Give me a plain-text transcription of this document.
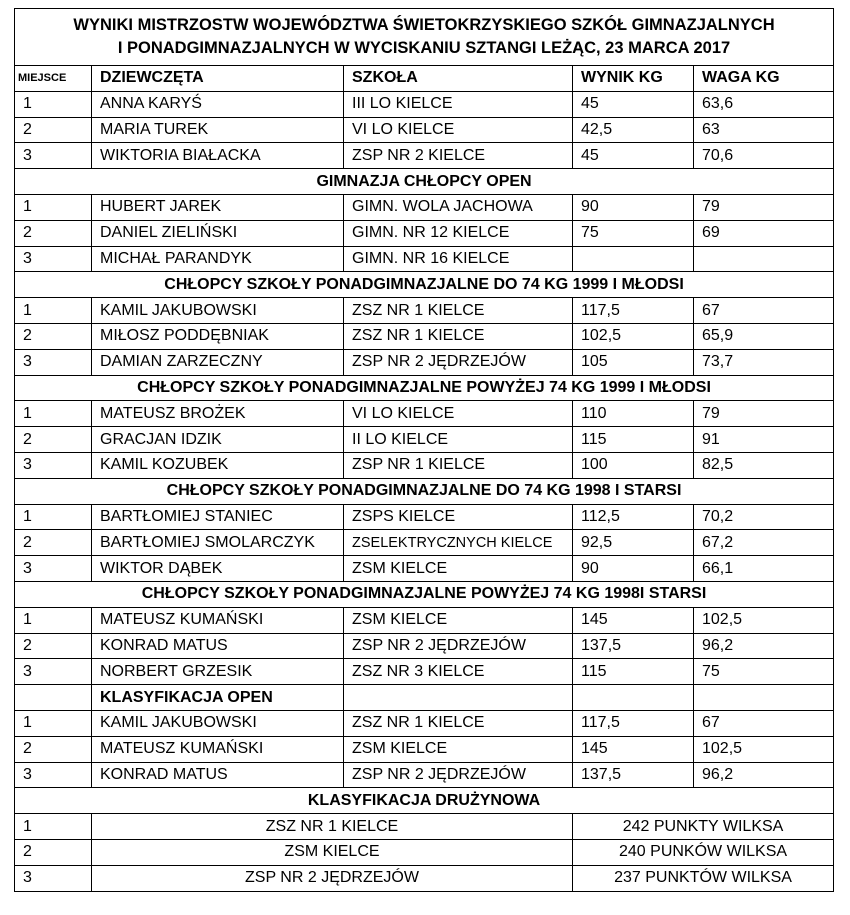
WYNIKI MISTRZOSTW WOJEWÓDZTWA ŚWIETOKRZYSKIEGO SZKÓŁ GIMNAZJALNYCH
I PONADGIMNAZJALNYCH W WYCISKANIU SZTANGI LEŻĄC, 23 MARCA 2017				

MIEJSCE	DZIEWCZĘTA	SZKOŁA	WYNIK KG	WAGA KG
1	ANNA KARYŚ	III LO KIELCE	45	63,6
2	MARIA TUREK	VI LO KIELCE	42,5	63
3	WIKTORIA BIAŁACKA	ZSP NR 2 KIELCE	45	70,6
GIMNAZJA CHŁOPCY OPEN				
1	HUBERT JAREK	GIMN. WOLA JACHOWA	90	79
2	DANIEL ZIELIŃSKI	GIMN. NR 12 KIELCE	75	69
3	MICHAŁ PARANDYK	GIMN. NR 16 KIELCE		
CHŁOPCY SZKOŁY PONADGIMNAZJALNE DO 74 KG 1999 I MŁODSI				
1	KAMIL JAKUBOWSKI	ZSZ NR 1 KIELCE	117,5	67
2	MIŁOSZ PODDĘBNIAK	ZSZ NR 1 KIELCE	102,5	65,9
3	DAMIAN ZARZECZNY	ZSP NR 2 JĘDRZEJÓW	105	73,7
CHŁOPCY SZKOŁY PONADGIMNAZJALNE POWYŻEJ 74 KG 1999 I MŁODSI				
1	MATEUSZ BROŻEK	VI LO KIELCE	110	79
2	GRACJAN IDZIK	II LO KIELCE	115	91
3	KAMIL KOZUBEK	ZSP NR 1 KIELCE	100	82,5
CHŁOPCY SZKOŁY PONADGIMNAZJALNE DO 74 KG 1998 I STARSI				
1	BARTŁOMIEJ STANIEC	ZSPS KIELCE	112,5	70,2
2	BARTŁOMIEJ SMOLARCZYK	ZSELEKTRYCZNYCH KIELCE	92,5	67,2
3	WIKTOR DĄBEK	ZSM KIELCE	90	66,1
CHŁOPCY SZKOŁY PONADGIMNAZJALNE POWYŻEJ 74 KG 1998I STARSI				
1	MATEUSZ KUMAŃSKI	ZSM KIELCE	145	102,5
2	KONRAD MATUS	ZSP NR 2 JĘDRZEJÓW	137,5	96,2
3	NORBERT GRZESIK	ZSZ NR 3 KIELCE	115	75
	KLASYFIKACJA OPEN			
1	KAMIL JAKUBOWSKI	ZSZ NR 1 KIELCE	117,5	67
2	MATEUSZ KUMAŃSKI	ZSM KIELCE	145	102,5
3	KONRAD MATUS	ZSP NR 2 JĘDRZEJÓW	137,5	96,2
KLASYFIKACJA DRUŻYNOWA				
1	ZSZ NR 1 KIELCE		242 PUNKTY WILKSA	
2	ZSM KIELCE		240 PUNKÓW WILKSA	
3	ZSP NR 2 JĘDRZEJÓW		237 PUNKTÓW WILKSA	
